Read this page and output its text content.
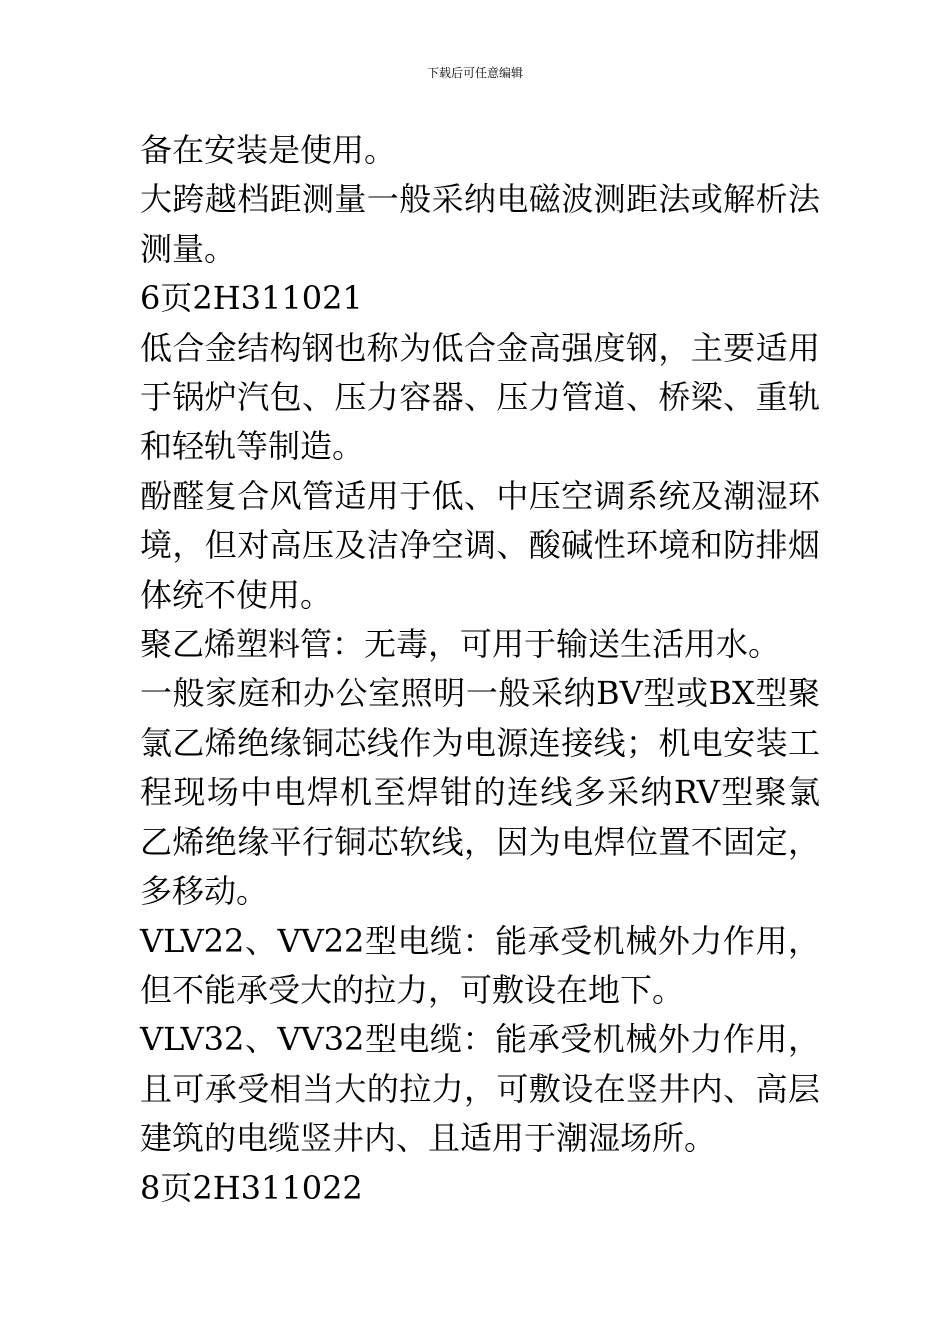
下载后可任意编辑

备在安装是使用。

大跨越档距测量一般采纳电磁波测距法或解析法测量。

6页2H311021

低合金结构钢也称为低合金高强度钢，主要适用于锅炉汽包、压力容器、压力管道、桥梁、重轨和轻轨等制造。

酚醛复合风管适用于低、中压空调系统及潮湿环境，但对高压及洁净空调、酸碱性环境和防排烟体统不使用。

聚乙烯塑料管：无毒，可用于输送生活用水。

一般家庭和办公室照明一般采纳BV型或BX型聚氯乙烯绝缘铜芯线作为电源连接线；机电安装工程现场中电焊机至焊钳的连线多采纳RV型聚氯乙烯绝缘平行铜芯软线，因为电焊位置不固定，多移动。

VLV22、VV22型电缆：能承受机械外力作用，但不能承受大的拉力，可敷设在地下。

VLV32、VV32型电缆：能承受机械外力作用，且可承受相当大的拉力，可敷设在竖井内、高层建筑的电缆竖井内、且适用于潮湿场所。

8页2H311022
